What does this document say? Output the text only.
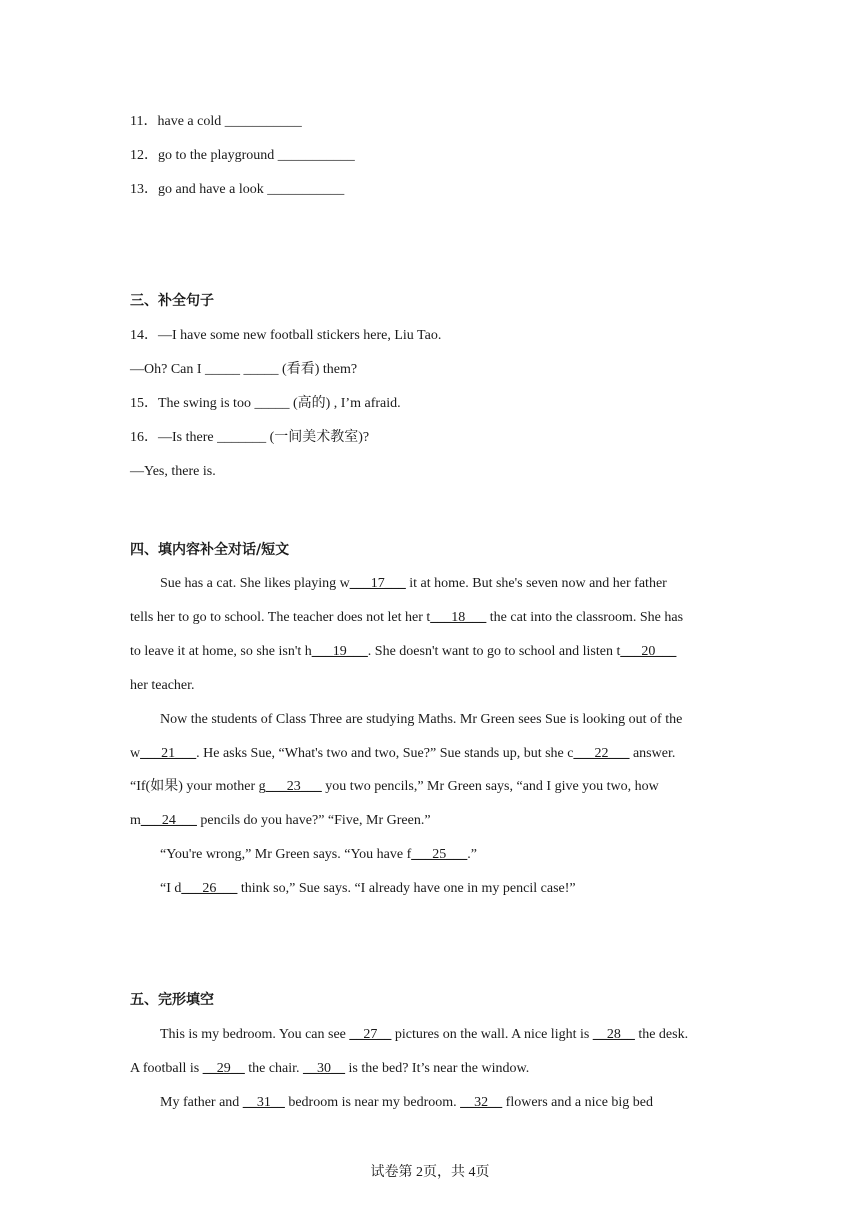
11．have a cold ___________
12．go to the playground ___________
13．go and have a look ___________
三、补全句子
14．—I have some new football stickers here, Liu Tao.
—Oh? Can I _____ _____ (看看) them?
15．The swing is too _____ (高的) , I’m afraid.
16．—Is there _______ (一间美术教室)?
—Yes, there is.
四、填内容补全对话/短文
Sue has a cat. She likes playing w___17___ it at home. But she's seven now and her father
tells her to go to school. The teacher does not let her t___18___ the cat into the classroom. She has
to leave it at home, so she isn't h___19___. She doesn't want to go to school and listen t___20___
her teacher.
Now the students of Class Three are studying Maths. Mr Green sees Sue is looking out of the
w___21___. He asks Sue, “What's two and two, Sue?” Sue stands up, but she c___22___ answer.
“If(如果) your mother g___23___ you two pencils,” Mr Green says, “and I give you two, how
m___24___ pencils do you have?” “Five, Mr Green.”
“You're wrong,” Mr Green says. “You have f___25___.”
“I d___26___ think so,” Sue says. “I already have one in my pencil case!”
五、完形填空
This is my bedroom. You can see __27__ pictures on the wall. A nice light is __28__ the desk.
A football is __29__ the chair. __30__ is the bed? It’s near the window.
My father and __31__ bedroom is near my bedroom. __32__ flowers and a nice big bed
试卷第 2页，共 4页
